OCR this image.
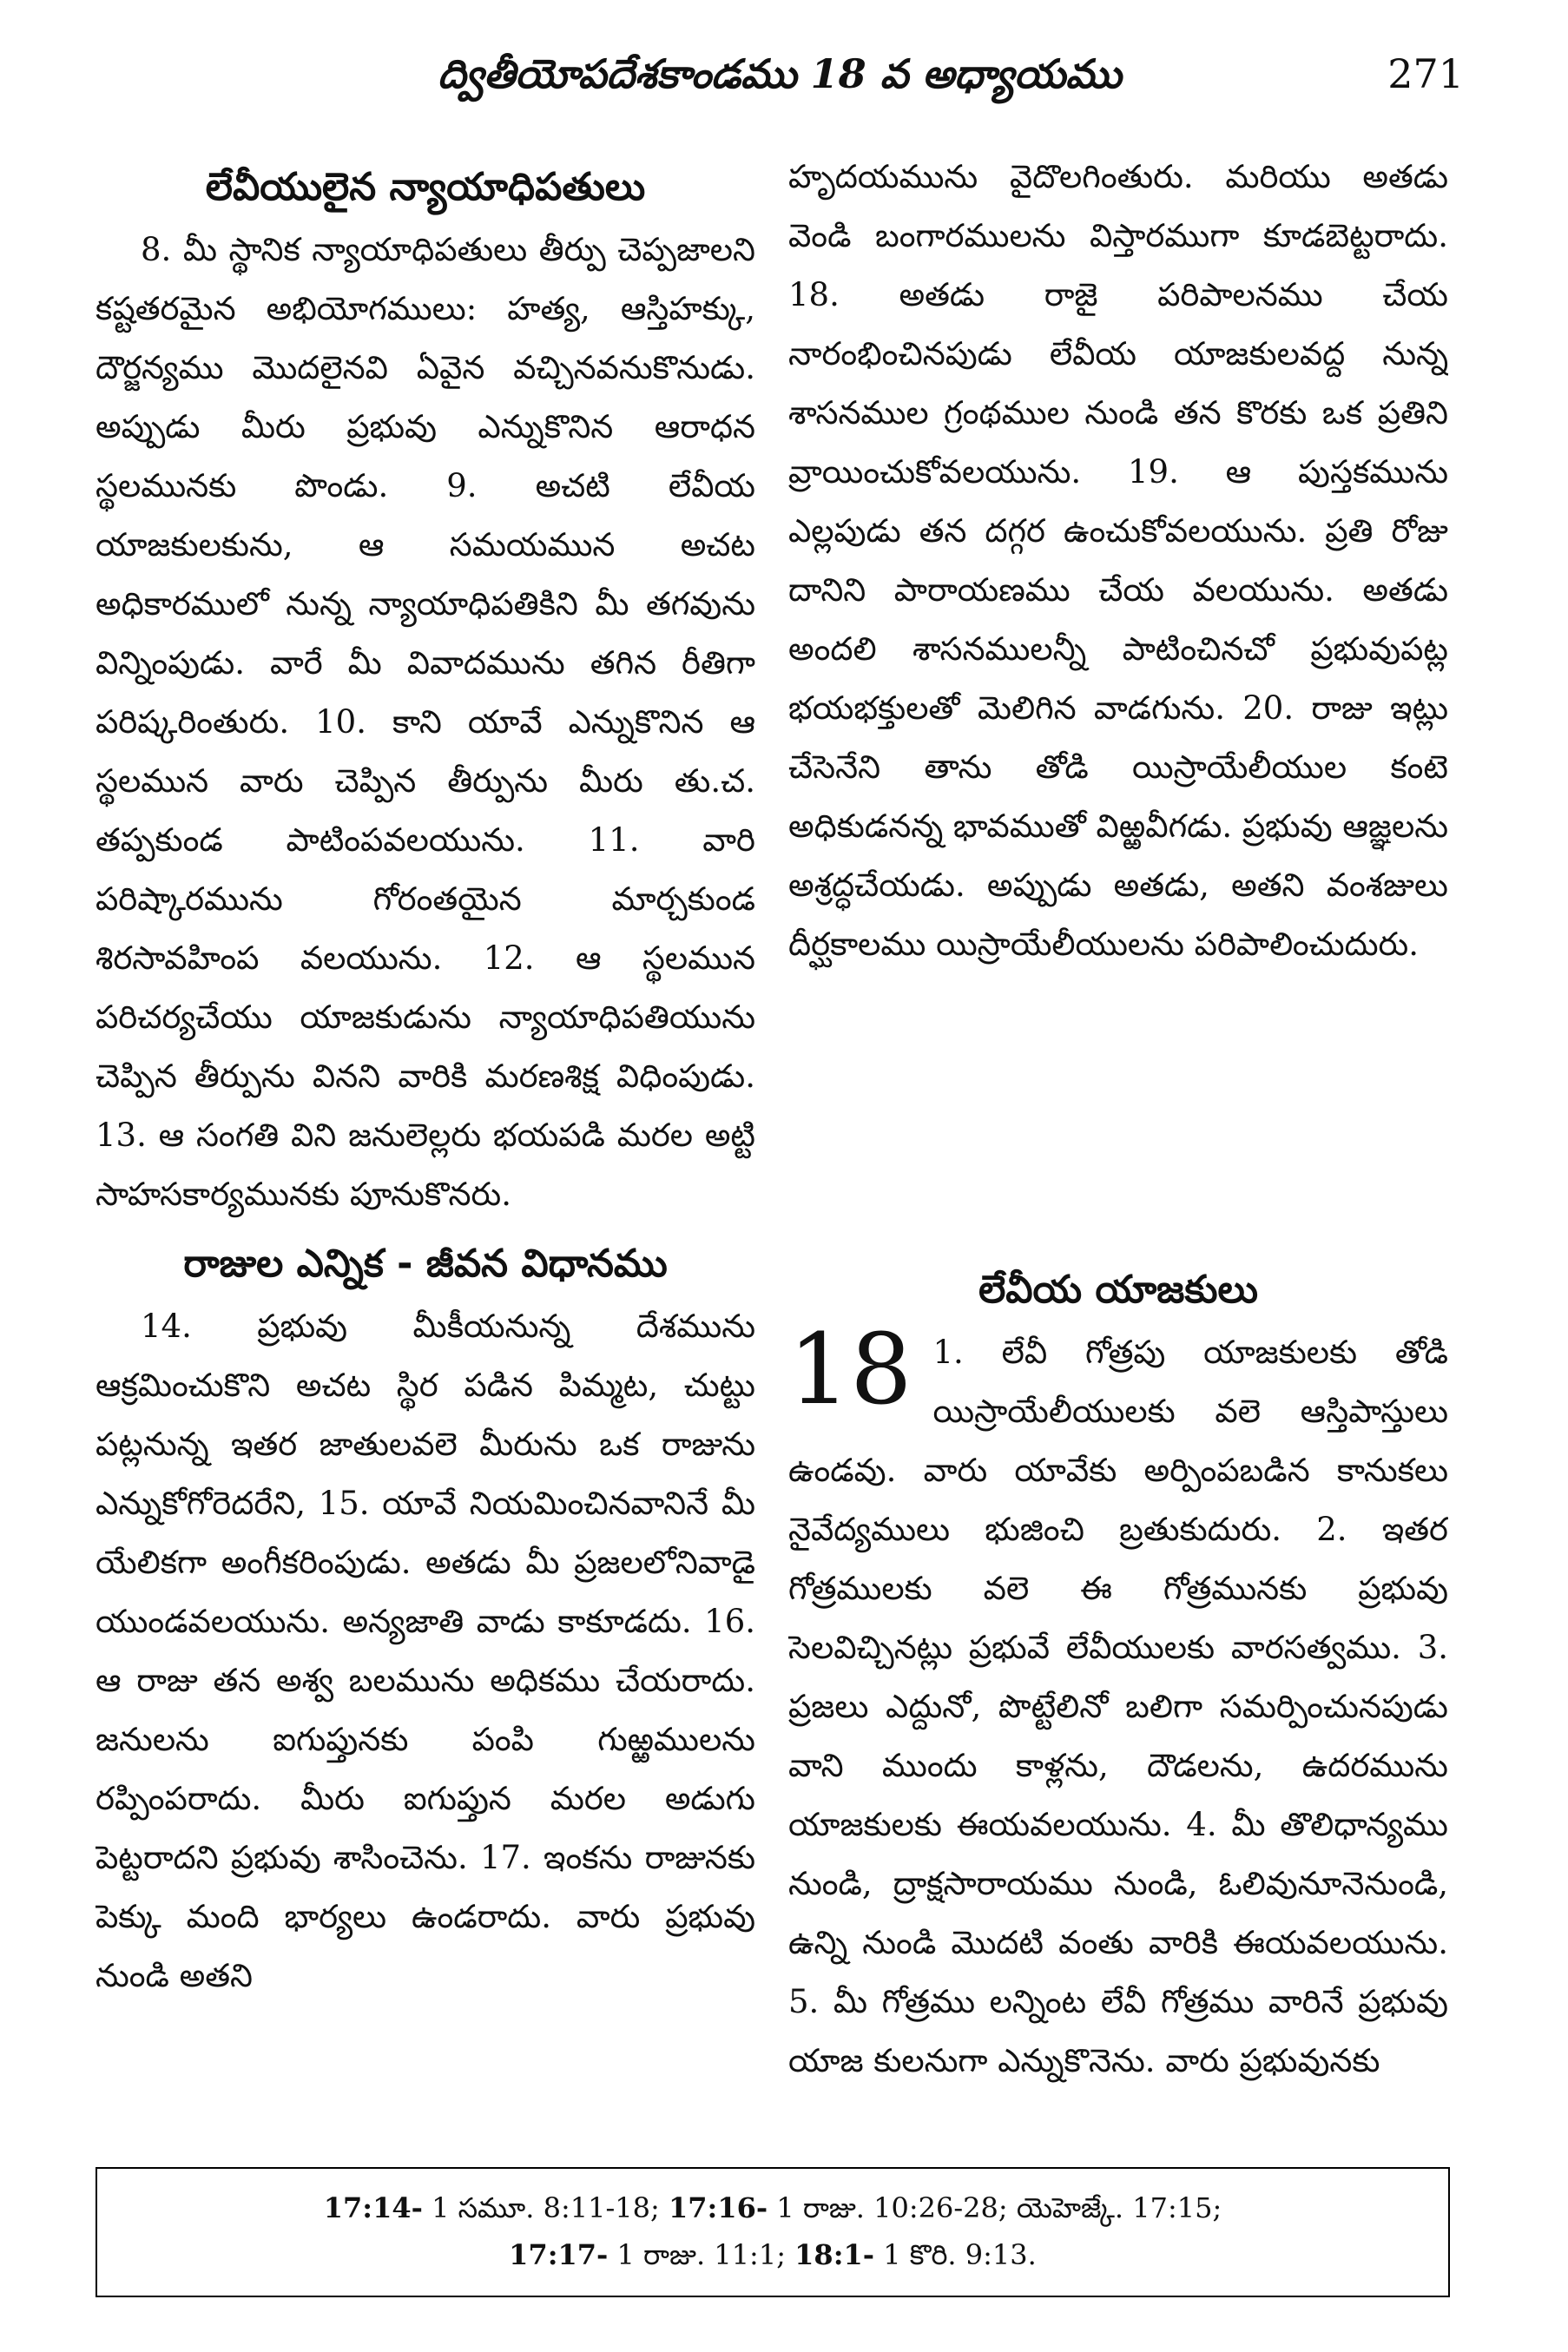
ద్వితీయోపదేశకాండము 18 వ అధ్యాయము	271
లేవీయులైన న్యాయాధిపతులు

8. మీ స్థానిక న్యాయాధిపతులు తీర్పు చెప్పజాలని కష్టతరమైన అభియోగములు: హత్య, ఆస్తిహక్కు, దౌర్జన్యము మొదలైనవి ఏవైన వచ్చినవనుకొనుడు. అప్పుడు మీరు ప్రభువు ఎన్నుకొనిన ఆరాధన స్థలమునకు పొండు. 9. అచటి లేవీయ యాజకులకును, ఆ సమయమున అచట అధికారములో నున్న న్యాయాధిపతికిని మీ తగవును విన్నింపుడు. వారే మీ వివాదమును తగిన రీతిగా పరిష్కరింతురు. 10. కాని యావే ఎన్నుకొనిన ఆ స్థలమున వారు చెప్పిన తీర్పును మీరు తు.చ. తప్పకుండ పాటింపవలయును. 11. వారి పరిష్కారమును గోరంతయైన మార్చకుండ శిరసావహింప వలయును. 12. ఆ స్థలమున పరిచర్యచేయు యాజకుడును న్యాయాధిపతియును చెప్పిన తీర్పును వినని వారికి మరణశిక్ష విధింపుడు. 13. ఆ సంగతి విని జనులెల్లరు భయపడి మరల అట్టి సాహసకార్యమునకు పూనుకొనరు.

రాజుల ఎన్నిక - జీవన విధానము

14. ప్రభువు మీకీయనున్న దేశమును ఆక్రమించుకొని అచట స్థిర పడిన పిమ్మట, చుట్టు పట్లనున్న ఇతర జాతులవలె మీరును ఒక రాజును ఎన్నుకోగోరెదరేని, 15. యావే నియమించినవానినే మీ యేలికగా అంగీకరింపుడు. అతడు మీ ప్రజలలోనివాడై యుండవలయును. అన్యజాతి వాడు కాకూడదు. 16. ఆ రాజు తన అశ్వ బలమును అధికము చేయరాదు. జనులను ఐగుప్తునకు పంపి గుఱ్ఱములను రప్పింపరాదు. మీరు ఐగుప్తున మరల అడుగు పెట్టరాదని ప్రభువు శాసించెను. 17. ఇంకను రాజునకు పెక్కు మంది భార్యలు ఉండరాదు. వారు ప్రభువు నుండి అతని

హృదయమును వైదొలగింతురు. మరియు అతడు వెండి బంగారములను విస్తారముగా కూడబెట్టరాదు. 18. అతడు రాజై పరిపాలనము చేయ నారంభించినపుడు లేవీయ యాజకులవద్ద నున్న శాసనముల గ్రంథముల నుండి తన కొరకు ఒక ప్రతిని వ్రాయించుకోవలయును. 19. ఆ పుస్తకమును ఎల్లపుడు తన దగ్గర ఉంచుకోవలయును. ప్రతి రోజు దానిని పారాయణము చేయ వలయును. అతడు అందలి శాసనములన్నీ పాటించినచో ప్రభువుపట్ల భయభక్తులతో మెలిగిన వాడగును. 20. రాజు ఇట్లు చేసెనేని తాను తోడి యిస్రాయేలీయుల కంటె అధికుడనన్న భావముతో విఱ్ఱవీగడు. ప్రభువు ఆజ్ఞలను అశ్రద్ధచేయడు. అప్పుడు అతడు, అతని వంశజులు దీర్ఘకాలము యిస్రాయేలీయులను పరిపాలించుదురు.

లేవీయ యాజకులు
18 1. లేవీ గోత్రపు యాజకులకు తోడి యిస్రాయేలీయులకు వలె ఆస్తిపాస్తులు ఉండవు. వారు యావేకు అర్పింపబడిన కానుకలు నైవేద్యములు భుజించి బ్రతుకుదురు. 2. ఇతర గోత్రములకు వలె ఈ గోత్రమునకు ప్రభువు సెలవిచ్చినట్లు ప్రభువే లేవీయులకు వారసత్వము. 3. ప్రజలు ఎద్దునో, పొట్టేలినో బలిగా సమర్పించునపుడు వాని ముందు కాళ్లను, దౌడలను, ఉదరమును యాజకులకు ఈయవలయును. 4. మీ తొలిధాన్యము నుండి, ద్రాక్షసారాయము నుండి, ఓలివునూనెనుండి, ఉన్ని నుండి మొదటి వంతు వారికి ఈయవలయును. 5. మీ గోత్రము లన్నింట లేవీ గోత్రము వారినే ప్రభువు యాజ కులనుగా ఎన్నుకొనెను. వారు ప్రభువునకు
17:14- 1 సమూ. 8:11-18; 17:16- 1 రాజు. 10:26-28; యెహెజ్కే. 17:15;
17:17- 1 రాజు. 11:1; 18:1- 1 కొరి. 9:13.
